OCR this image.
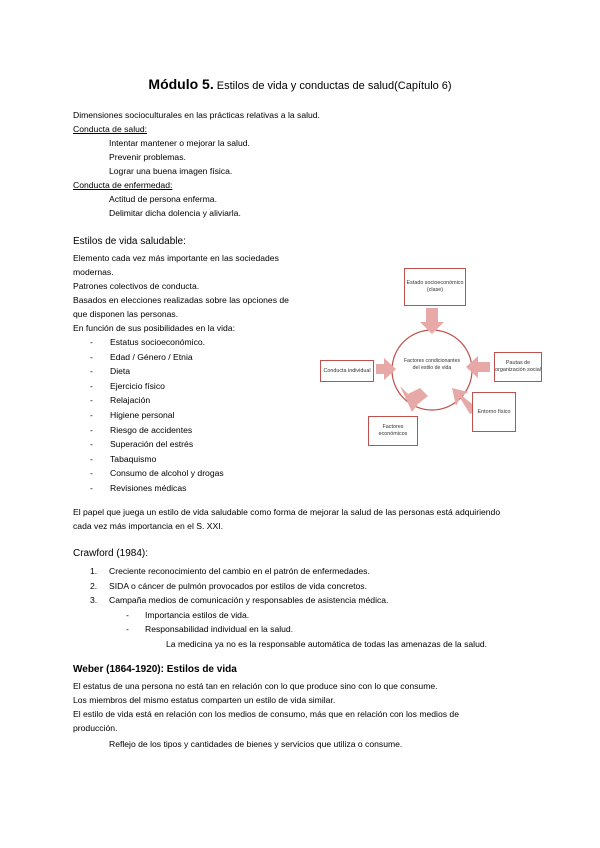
Módulo 5. Estilos de vida y conductas de salud(Capítulo 6)
Dimensiones socioculturales en las prácticas relativas a la salud.
Conducta de salud:
Intentar mantener o mejorar la salud.
Prevenir problemas.
Lograr una buena imagen física.
Conducta de enfermedad:
Actitud de persona enferma.
Delimitar dicha dolencia y aliviarla.
Estilos de vida saludable:
Elemento cada vez más importante en las sociedades
modernas.
Patrones colectivos de conducta.
Basados en elecciones realizadas sobre las opciones de
que disponen las personas.
En función de sus posibilidades en la vida:
- Estatus socioeconómico.
- Edad / Género / Etnia
- Dieta
- Ejercicio físico
- Relajación
- Higiene personal
- Riesgo de accidentes
- Superación del estrés
- Tabaquismo
- Consumo de alcohol y drogas
- Revisiones médicas
Conducta individual
Estado socioeconómico (clase)
Pautas de organización social
Factores económicos
Entorno físico
Factores condicionantes del estilo de vida
El papel que juega un estilo de vida saludable como forma de mejorar la salud de las personas está adquiriendo
cada vez más importancia en el S. XXI.
Crawford (1984):
1. Creciente reconocimiento del cambio en el patrón de enfermedades.
2. SIDA o cáncer de pulmón provocados por estilos de vida concretos.
3. Campaña medios de comunicación y responsables de asistencia médica.
- Importancia estilos de vida.
- Responsabilidad individual en la salud.
La medicina ya no es la responsable automática de todas las amenazas de la salud.
Weber (1864-1920): Estilos de vida
El estatus de una persona no está tan en relación con lo que produce sino con lo que consume.
Los miembros del mismo estatus comparten un estilo de vida similar.
El estilo de vida está en relación con los medios de consumo, más que en relación con los medios de
producción.
Reflejo de los tipos y cantidades de bienes y servicios que utiliza o consume.
